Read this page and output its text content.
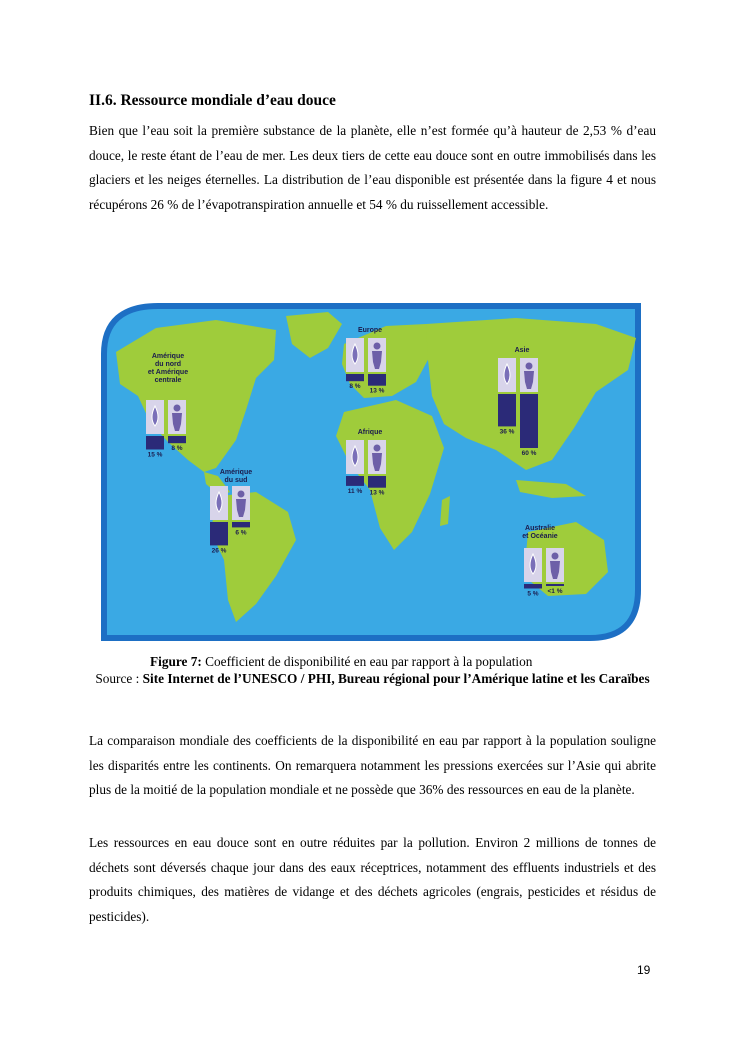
II.6. Ressource mondiale d’eau douce

Bien que l’eau soit la première substance de la planète, elle n’est formée qu’à hauteur de 2,53 % d’eau douce, le reste étant de l’eau de mer. Les deux tiers de cette eau douce sont en outre immobilisés dans les glaciers et les neiges éternelles. La distribution de l’eau disponible est présentée dans la figure 4 et nous récupérons 26 % de l’évapotranspiration annuelle et 54 % du ruissellement accessible.

Amérique du nord et Amérique centrale
15 %
8 %
Europe
8 %
13 %
Asie
36 %
60 %
Afrique
11 % 13 %
Amérique du sud
26 %
6 %
Australie et Océanie
5 % <1 %
Figure 7: Coefficient de disponibilité en eau par rapport à la population
Source : Site Internet de l’UNESCO / PHI, Bureau régional pour l’Amérique latine et les Caraïbes

La comparaison mondiale des coefficients de la disponibilité en eau par rapport à la population souligne les disparités entre les continents. On remarquera notamment les pressions exercées sur l’Asie qui abrite plus de la moitié de la population mondiale et ne possède que 36% des ressources en eau de la planète.

Les ressources en eau douce sont en outre réduites par la pollution. Environ 2 millions de tonnes de déchets sont déversés chaque jour dans des eaux réceptrices, notamment des effluents industriels et des produits chimiques, des matières de vidange et des déchets agricoles (engrais, pesticides et résidus de pesticides).

19
